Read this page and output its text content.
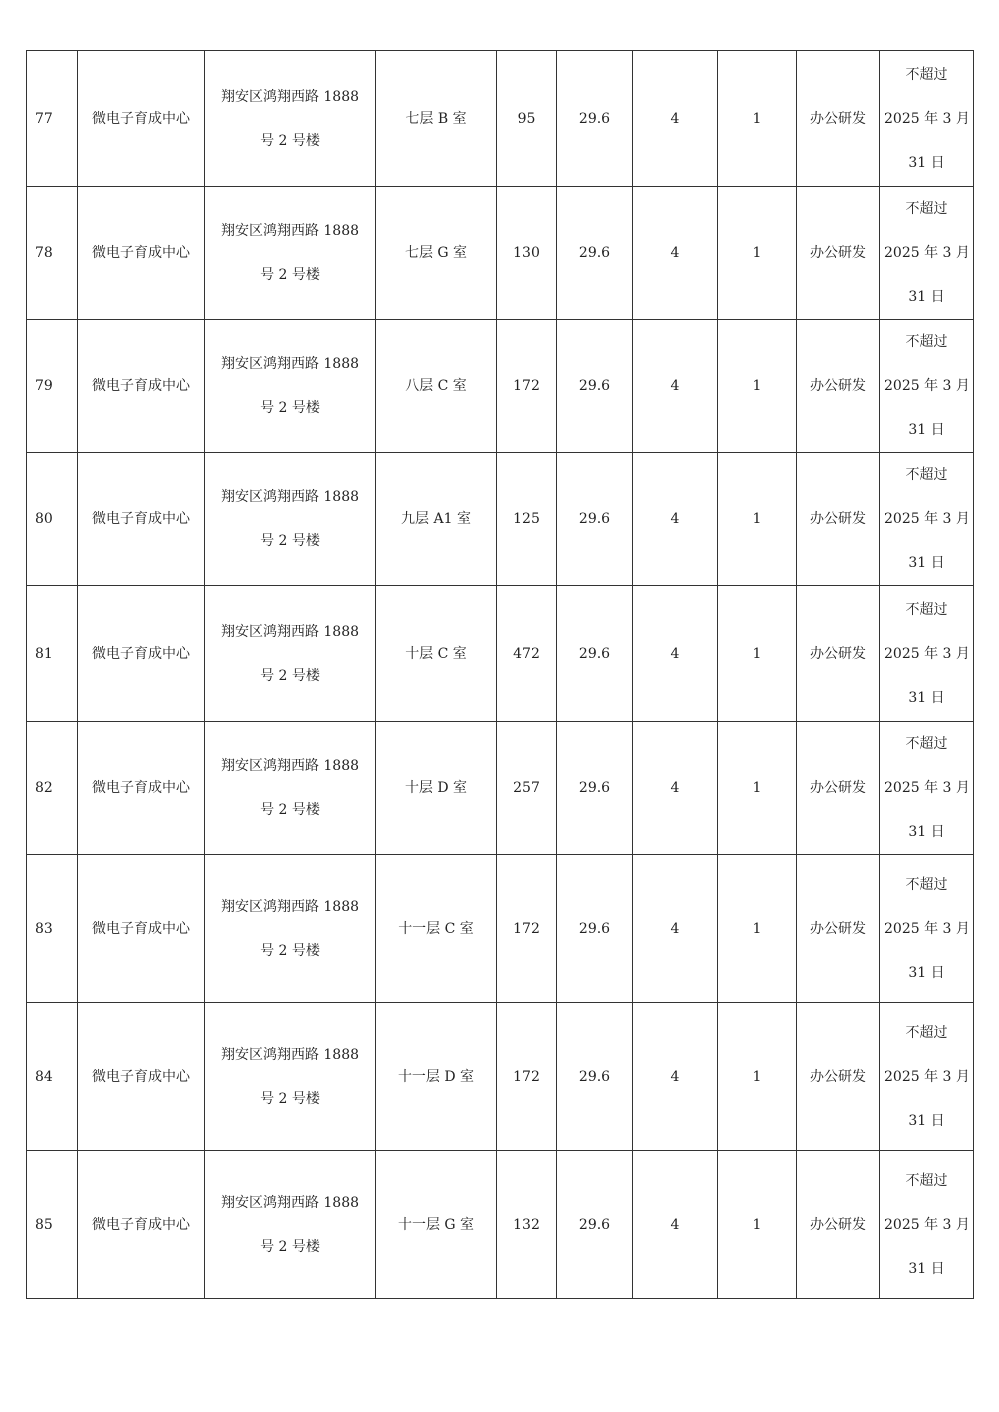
77	微电子育成中心	翔安区鸿翔西路 1888
号 2 号楼	七层 B 室	95	29.6	4	1	办公研发	不超过
2025 年 3 月
31 日

78	微电子育成中心	翔安区鸿翔西路 1888
号 2 号楼	七层 G 室	130	29.6	4	1	办公研发	不超过
2025 年 3 月
31 日

79	微电子育成中心	翔安区鸿翔西路 1888
号 2 号楼	八层 C 室	172	29.6	4	1	办公研发	不超过
2025 年 3 月
31 日

80	微电子育成中心	翔安区鸿翔西路 1888
号 2 号楼	九层 A1 室	125	29.6	4	1	办公研发	不超过
2025 年 3 月
31 日

81	微电子育成中心	翔安区鸿翔西路 1888
号 2 号楼	十层 C 室	472	29.6	4	1	办公研发	不超过
2025 年 3 月
31 日

82	微电子育成中心	翔安区鸿翔西路 1888
号 2 号楼	十层 D 室	257	29.6	4	1	办公研发	不超过
2025 年 3 月
31 日

83	微电子育成中心	翔安区鸿翔西路 1888
号 2 号楼	十一层 C 室	172	29.6	4	1	办公研发	不超过
2025 年 3 月
31 日

84	微电子育成中心	翔安区鸿翔西路 1888
号 2 号楼	十一层 D 室	172	29.6	4	1	办公研发	不超过
2025 年 3 月
31 日

85	微电子育成中心	翔安区鸿翔西路 1888
号 2 号楼	十一层 G 室	132	29.6	4	1	办公研发	不超过
2025 年 3 月
31 日
